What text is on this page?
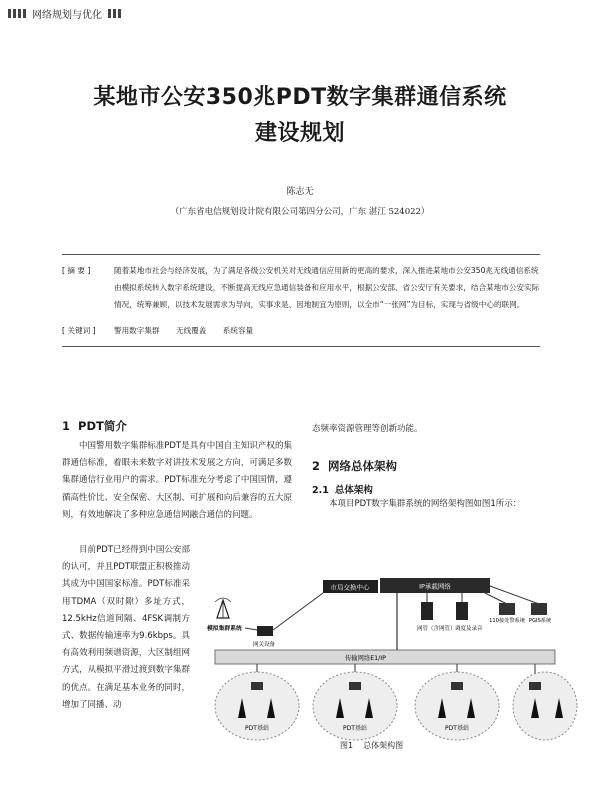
网络规划与优化
某地市公安350兆PDT数字集群通信系统
建设规划
陈志无
（广东省电信规划设计院有限公司第四分公司，广东 湛江 524022）
[ 摘 要 ]	随着某地市社会与经济发展，为了满足各级公安机关对无线通信应用新的更高的要求，深入推进某地市公安350兆无线通信系统由模拟系统转入数字系统建设，不断提高无线应急通信装备和应用水平，根据公安部、省公安厅有关要求，结合某地市公安实际情况，统筹兼顾，以技术发展需求为导向，实事求是、因地制宜为原则，以全市“一张网”为目标，实现与省级中心的联网。
[ 关键词 ]	警用数字集群 无线覆盖 系统容量
1 PDT简介

中国警用数字集群标准PDT是具有中国自主知识产权的集群通信标准，着眼未来数字对讲技术发展之方向，可满足多数集群通信行业用户的需求。PDT标准充分考虑了中国国情，遵循高性价比、安全保密、大区制、可扩展和向后兼容的五大原则，有效地解决了多种应急通信网融合通信的问题。

目前PDT已经得到中国公安部的认可，并且PDT联盟正积极推动其成为中国国家标准。PDT标准采用TDMA（双时隙）多址方式，12.5kHz信道间隔、4FSK调制方式、数据传输速率为9.6kbps。具有高效利用频谱资源，大区制组网方式，从模拟平滑过渡到数字集群的优点。在满足基本业务的同时，增加了同播、动

态频率资源管理等创新功能。

2 网络总体架构
2.1 总体架构

本项目PDT数字集群系统的网络架构图如图1所示：

市局交换中心	IP承载网络
网管（含网管） 调度及录音
110接处警系统 PGIS系统
模拟集群系统
网关设备
传输网络E1/IP
PDT基站	PDT基站	PDT基站
图1 总体架构图
